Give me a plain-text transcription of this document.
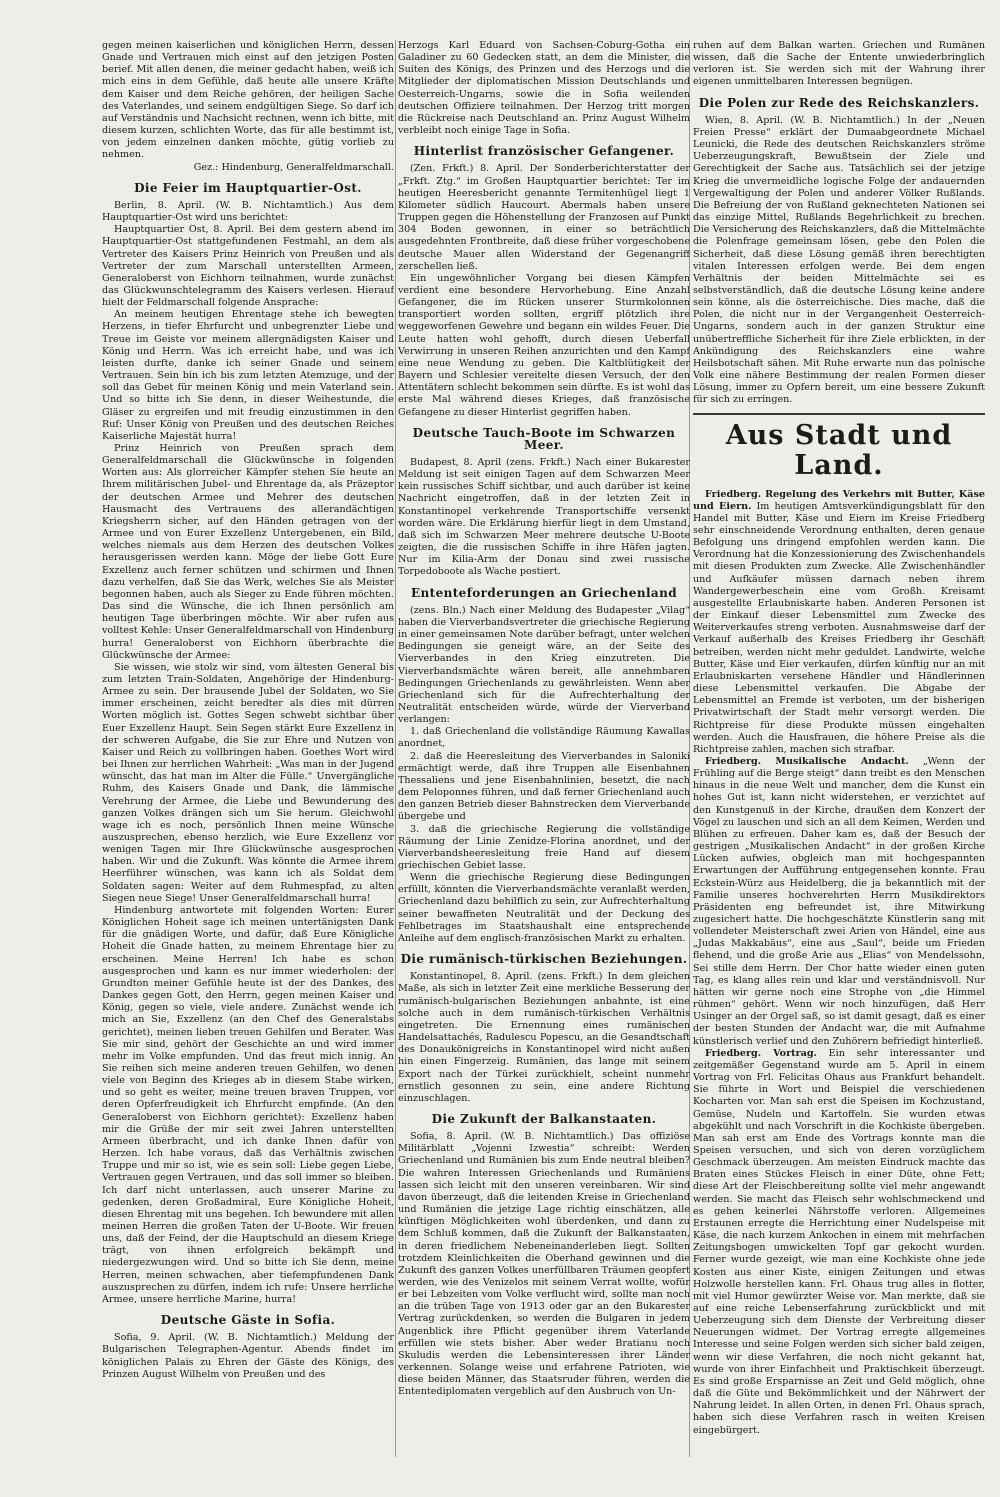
gegen meinen kaiserlichen und königlichen Herrn, dessen Gnade und Vertrauen mich einst auf den jetzigen Posten berief. Mit allen denen, die meiner gedacht haben, weiß ich mich eins in dem Gefühle, daß heute alle unsere Kräfte dem Kaiser und dem Reiche gehören, der heiligen Sache des Vaterlandes, und seinem endgültigen Siege. So darf ich auf Verständnis und Nachsicht rechnen, wenn ich bitte, mit diesem kurzen, schlichten Worte, das für alle bestimmt ist, von jedem einzelnen danken möchte, gütig vorlieb zu nehmen.

Gez.: Hindenburg, Generalfeldmarschall.

Die Feier im Hauptquartier-Ost.

Berlin, 8. April. (W. B. Nichtamtlich.) Aus dem Hauptquartier-Ost wird uns berichtet:

Hauptquartier Ost, 8. April. Bei dem gestern abend im Hauptquartier-Ost stattgefundenen Festmahl, an dem als Vertreter des Kaisers Prinz Heinrich von Preußen und als Vertreter der zum Marschall unterstellten Armeen, Generaloberst von Eichhorn teilnahmen, wurde zunächst das Glückwunschtelegramm des Kaisers verlesen. Hierauf hielt der Feldmarschall folgende Ansprache:

An meinem heutigen Ehrentage stehe ich bewegten Herzens, in tiefer Ehrfurcht und unbegrenzter Liebe und Treue im Geiste vor meinem allergnädigsten Kaiser und König und Herrn. Was ich erreicht habe, und was ich leisten durfte, danke ich seiner Gnade und seinem Vertrauen. Sein bin ich bis zum letzten Atemzuge, und der soll das Gebet für meinen König und mein Vaterland sein. Und so bitte ich Sie denn, in dieser Weihestunde, die Gläser zu ergreifen und mit freudig einzustimmen in den Ruf: Unser König von Preußen und des deutschen Reiches Kaiserliche Majestät hurra!

Prinz Heinrich von Preußen sprach dem Generalfeldmarschall die Glückwünsche in folgenden Worten aus: Als glorreicher Kämpfer stehen Sie heute an Ihrem militärischen Jubel- und Ehrentage da, als Präzeptor der deutschen Armee und Mehrer des deutschen Hausmacht des Vertrauens des allerandächtigen Kriegsherrn sicher, auf den Händen getragen von der Armee und von Eurer Exzellenz Untergebenen, ein Bild, welches niemals aus dem Herzen des deutschen Volkes herausgerissen werden kann. Möge der liebe Gott Eure Exzellenz auch ferner schützen und schirmen und Ihnen dazu verhelfen, daß Sie das Werk, welches Sie als Meister begonnen haben, auch als Sieger zu Ende führen möchten. Das sind die Wünsche, die ich Ihnen persönlich am heutigen Tage überbringen möchte. Wir aber rufen aus volltest Kehle: Unser Generalfeldmarschall von Hindenburg hurra! Generaloberst von Eichhorn überbrachte die Glückwünsche der Armee:

Sie wissen, wie stolz wir sind, vom ältesten General bis zum letzten Train-Soldaten, Angehörige der Hindenburg-Armee zu sein. Der brausende Jubel der Soldaten, wo Sie immer erscheinen, zeicht beredter als dies mit dürren Worten möglich ist. Gottes Segen schwebt sichtbar über Euer Exzellenz Haupt. Sein Segen stärkt Eure Exzellenz in der schweren Aufgabe, die Sie zur Ehre und Nutzen von Kaiser und Reich zu vollbringen haben. Goethes Wort wird bei Ihnen zur herrlichen Wahrheit: „Was man in der Jugend wünscht, das hat man im Alter die Fülle.“ Unvergängliche Ruhm, des Kaisers Gnade und Dank, die lämmische Verehrung der Armee, die Liebe und Bewunderung des ganzen Volkes drängen sich um Sie herum. Gleichwohl wage ich es noch, persönlich Ihnen meine Wünsche auszusprechen, ebenso herzlich, wie Eure Exzellenz vor wenigen Tagen mir Ihre Glückwünsche ausgesprochen haben. Wir und die Zukunft. Was könnte die Armee ihrem Heerführer wünschen, was kann ich als Soldat dem Soldaten sagen: Weiter auf dem Ruhmespfad, zu alten Siegen neue Siege! Unser Generalfeldmarschall hurra!

Hindenburg antwortete mit folgenden Worten: Eurer Königlichen Hoheit sage ich meinen untertänigsten Dank für die gnädigen Worte, und dafür, daß Eure Königliche Hoheit die Gnade hatten, zu meinem Ehrentage hier zu erscheinen. Meine Herren! Ich habe es schon ausgesprochen und kann es nur immer wiederholen: der Grundton meiner Gefühle heute ist der des Dankes, des Dankes gegen Gott, den Herrn, gegen meinen Kaiser und König, gegen so viele, viele andere. Zunächst wende ich mich an Sie, Exzellenz (an den Chef des Generalstabs gerichtet), meinen lieben treuen Gehilfen und Berater. Was Sie mir sind, gehört der Geschichte an und wird immer mehr im Volke empfunden. Und das freut mich innig. An Sie reihen sich meine anderen treuen Gehilfen, wo denen viele von Beginn des Krieges ab in diesem Stabe wirken, und so geht es weiter, meine treuen braven Truppen, vor deren Opferfreudigkeit ich Ehrfurcht empfinde. (An den Generaloberst von Eichhorn gerichtet): Exzellenz haben mir die Grüße der mir seit zwei Jahren unterstellten Armeen überbracht, und ich danke Ihnen dafür von Herzen. Ich habe voraus, daß das Verhältnis zwischen Truppe und mir so ist, wie es sein soll: Liebe gegen Liebe, Vertrauen gegen Vertrauen, und das soll immer so bleiben. Ich darf nicht unterlassen, auch unserer Marine zu gedenken, deren Großadmiral, Eure Königliche Hoheit, diesen Ehrentag mit uns begehen. Ich bewundere mit allen meinen Herren die großen Taten der U-Boote. Wir freuen uns, daß der Feind, der die Hauptschuld an diesem Kriege trägt, von ihnen erfolgreich bekämpft und niedergezwungen wird. Und so bitte ich Sie denn, meine Herren, meinen schwachen, aber tiefempfundenen Dank auszusprechen zu dürfen, indem ich rufe: Unsere herrliche Armee, unsere herrliche Marine, hurra!

Deutsche Gäste in Sofia.

Sofia, 9. April. (W. B. Nichtamtlich.) Meldung der Bulgarischen Telegraphen-Agentur. Abends findet im königlichen Palais zu Ehren der Gäste des Königs, des Prinzen August Wilhelm von Preußen und des

Herzogs Karl Eduard von Sachsen-Coburg-Gotha ein Galadiner zu 60 Gedecken statt, an dem die Minister, die Suiten des Königs, des Prinzen und des Herzogs und die Mitglieder der diplomatischen Mission Deutschlands und Oesterreich-Ungarns, sowie die in Sofia weilenden deutschen Offiziere teilnahmen. Der Herzog tritt morgen die Rückreise nach Deutschland an. Prinz August Wilhelm verbleibt noch einige Tage in Sofia.

Hinterlist französischer Gefangener.

(Zen. Frkft.) 8. April. Der Sonderberichterstatter der „Frkft. Ztg.“ im Großen Hauptquartier berichtet: Ter im heutigen Heeresbericht genannte Termitenhügel liegt 1 Kilometer südlich Haucourt. Abermals haben unsere Truppen gegen die Höhenstellung der Franzosen auf Punkt 304 Boden gewonnen, in einer so beträchtlich ausgedehnten Frontbreite, daß diese früher vorgeschobene deutsche Mauer allen Widerstand der Gegenangriff zerschellen ließ.

Ein ungewöhnlicher Vorgang bei diesen Kämpfen verdient eine besondere Hervorhebung. Eine Anzahl Gefangener, die im Rücken unserer Sturmkolonnen transportiert worden sollten, ergriff plötzlich ihre weggeworfenen Gewehre und begann ein wildes Feuer. Die Leute hatten wohl gehofft, durch diesen Ueberfall Verwirrung in unseren Reihen anzurichten und den Kampf eine neue Wendung zu geben. Die Kaltblütigkeit der Bayern und Schlesier vereitelte diesen Versuch, der den Attentätern schlecht bekommen sein dürfte. Es ist wohl das erste Mal während dieses Krieges, daß französische Gefangene zu dieser Hinterlist gegriffen haben.

Deutsche Tauch-Boote im Schwarzen Meer.

Budapest, 8. April (zens. Frkft.) Nach einer Bukarester Meldung ist seit einigen Tagen auf dem Schwarzen Meer kein russisches Schiff sichtbar, und auch darüber ist keine Nachricht eingetroffen, daß in der letzten Zeit in Konstantinopel verkehrende Transportschiffe versenkt worden wäre. Die Erklärung hierfür liegt in dem Umstand, daß sich im Schwarzen Meer mehrere deutsche U-Boote zeigten, die die russischen Schiffe in ihre Häfen jagten. Nur im Kilia-Arm der Donau sind zwei russische Torpedoboote als Wache postiert.

Ententeforderungen an Griechenland

(zens. Bln.) Nach einer Meldung des Budapester „Vilag“ haben die Vierverbandsvertreter die griechische Regierung in einer gemeinsamen Note darüber befragt, unter welchen Bedingungen sie geneigt wäre, an der Seite des Vierverbandes in den Krieg einzutreten. Die Vierverbandsmächte wären bereit, alle annehmbaren Bedingungen Griechenlands zu gewährleisten. Wenn aber Griechenland sich für die Aufrechterhaltung der Neutralität entscheiden würde, würde der Vierverband verlangen:

1. daß Griechenland die vollständige Räumung Kawallas anordnet,

2. daß die Heeresleitung des Vierverbandes in Saloniki ermächtigt werde, daß ihre Truppen alle Eisenbahnen Thessaliens und jene Eisenbahnlinien, besetzt, die nach dem Peloponnes führen, und daß ferner Griechenland auch den ganzen Betrieb dieser Bahnstrecken dem Vierverbande übergebe und

3. daß die griechische Regierung die vollständige Räumung der Linie Zenidze-Florina anordnet, und der Vierverbandsheeresleitung freie Hand auf diesem griechischen Gebiet lasse.

Wenn die griechische Regierung diese Bedingungen erfüllt, könnten die Vierverbandsmächte veranlaßt werden, Griechenland dazu behilflich zu sein, zur Aufrechterhaltung seiner bewaffneten Neutralität und der Deckung des Fehlbetrages im Staatshaushalt eine entsprechende Anleihe auf dem englisch-französischen Markt zu erhalten.

Die rumänisch-türkischen Beziehungen.

Konstantinopel, 8. April. (zens. Frkft.) In dem gleichen Maße, als sich in letzter Zeit eine merkliche Besserung der rumänisch-bulgarischen Beziehungen anbahnte, ist eine solche auch in dem rumänisch-türkischen Verhältnis eingetreten. Die Ernennung eines rumänischen Handelsattachés, Radulescu Popescu, an die Gesandtschaft des Donaukönigreichs in Konstantinopel wird nicht außen hin einen Fingerzeig. Rumänien, das lange mit seinem Export nach der Türkei zurückhielt, scheint nunmehr ernstlich gesonnen zu sein, eine andere Richtung einzuschlagen.

Die Zukunft der Balkanstaaten.

Sofia, 8. April. (W. B. Nichtamtlich.) Das offiziöse Militärblatt „Vojenni Izwestia“ schreibt: Werden Griechenland und Rumänien bis zum Ende neutral bleiben? Die wahren Interessen Griechenlands und Rumäniens lassen sich leicht mit den unseren vereinbaren. Wir sind davon überzeugt, daß die leitenden Kreise in Griechenland und Rumänien die jetzige Lage richtig einschätzen, alle künftigen Möglichkeiten wohl überdenken, und dann zu dem Schluß kommen, daß die Zukunft der Balkanstaaten, in deren friedlichem Nebeneinanderleben liegt. Sollten trotzdem Kleinlichkeiten die Oberhand gewinnen und die Zukunft des ganzen Volkes unerfüllbaren Träumen geopfert werden, wie des Venizelos mit seinem Verrat wollte, wofür er bei Lebzeiten vom Volke verflucht wird, sollte man noch an die trüben Tage von 1913 oder gar an den Bukarester Vertrag zurückdenken, so werden die Bulgaren in jedem Augenblick ihre Pflicht gegenüber ihrem Vaterlande erfüllen wie stets bisher. Aber weder Bratianu noch Skuludis werden die Lebensinteressen ihrer Länder verkennen. Solange weise und erfahrene Patrioten, wie diese beiden Männer, das Staatsruder führen, werden die Ententediplomaten vergeblich auf den Ausbruch von Un-

ruhen auf dem Balkan warten. Griechen und Rumänen wissen, daß die Sache der Entente unwiederbringlich verloren ist. Sie werden sich mit der Wahrung ihrer eigenen unmittelbaren Interessen begnügen.

Die Polen zur Rede des Reichskanzlers.

Wien, 8. April. (W. B. Nichtamtlich.) In der „Neuen Freien Presse“ erklärt der Dumaabgeordnete Michael Leunicki, die Rede des deutschen Reichskanzlers ströme Ueberzeugungskraft, Bewußtsein der Ziele und Gerechtigkeit der Sache aus. Tatsächlich sei der jetzige Krieg die unvermeidliche logische Folge der andauernden Vergewaltigung der Polen und anderer Völker Rußlands. Die Befreiung der von Rußland geknechteten Nationen sei das einzige Mittel, Rußlands Begehrlichkeit zu brechen. Die Versicherung des Reichskanzlers, daß die Mittelmächte die Polenfrage gemeinsam lösen, gebe den Polen die Sicherheit, daß diese Lösung gemäß ihren berechtigten vitalen Interessen erfolgen werde. Bei dem engen Verhältnis der beiden Mittelmächte sei es selbstverständlich, daß die deutsche Lösung keine andere sein könne, als die österreichische. Dies mache, daß die Polen, die nicht nur in der Vergangenheit Oesterreich-Ungarns, sondern auch in der ganzen Struktur eine unübertreffliche Sicherheit für ihre Ziele erblickten, in der Ankündigung des Reichskanzlers eine wahre Heilsbotschaft sähen. Mit Ruhe erwarte nun das polnische Volk eine nähere Bestimmung der realen Formen dieser Lösung, immer zu Opfern bereit, um eine bessere Zukunft für sich zu erringen.

Aus Stadt und Land.

Friedberg. Regelung des Verkehrs mit Butter, Käse und Eiern. Im heutigen Amtsverkündigungsblatt für den Handel mit Butter, Käse und Eiern im Kreise Friedberg sehr einschneidende Verordnung enthalten, deren genaue Befolgung uns dringend empfohlen werden kann. Die Verordnung hat die Konzessionierung des Zwischenhandels mit diesen Produkten zum Zwecke. Alle Zwischenhändler und Aufkäufer müssen darnach neben ihrem Wandergewerbeschein eine vom Großh. Kreisamt ausgestellte Erlaubniskarte haben. Anderen Personen ist der Einkauf dieser Lebensmittel zum Zwecke des Weiterverkaufes streng verboten. Ausnahmsweise darf der Verkauf außerhalb des Kreises Friedberg ihr Geschäft betreiben, werden nicht mehr geduldet. Landwirte, welche Butter, Käse und Eier verkaufen, dürfen künftig nur an mit Erlaubniskarten versehene Händler und Händlerinnen diese Lebensmittel verkaufen. Die Abgabe der Lebensmittel an Fremde ist verboten, um der bisherigen Privatwirtschaft der Stadt mehr versorgt werden. Die Richtpreise für diese Produkte müssen eingehalten werden. Auch die Hausfrauen, die höhere Preise als die Richtpreise zahlen, machen sich strafbar.

Friedberg. Musikalische Andacht. „Wenn der Frühling auf die Berge steigt“ dann treibt es den Menschen hinaus in die neue Welt und mancher, dem die Kunst ein hohes Gut ist, kann nicht widerstehen, er verzichtet auf den Kunstgenuß in der Kirche, draußen dem Konzert der Vögel zu lauschen und sich an all dem Keimen, Werden und Blühen zu erfreuen. Daher kam es, daß der Besuch der gestrigen „Musikalischen Andacht“ in der großen Kirche Lücken aufwies, obgleich man mit hochgespannten Erwartungen der Aufführung entgegensehen konnte. Frau Eckstein-Würz aus Heidelberg, die ja bekanntlich mit der Familie unseres hochverehrten Herrn Musikdirektors Präsidenten eng befreundet ist, ihre Mitwirkung zugesichert hatte. Die hochgeschätzte Künstlerin sang mit vollendeter Meisterschaft zwei Arien von Händel, eine aus „Judas Makkabäus“, eine aus „Saul“, beide um Frieden flehend, und die große Arie aus „Elias“ von Mendelssohn, Sei stille dem Herrn. Der Chor hatte wieder einen guten Tag, es klang alles rein und klar und verständnisvoll. Nur hätten wir gerne noch eine Strophe von „die Himmel rühmen“ gehört. Wenn wir noch hinzufügen, daß Herr Usinger an der Orgel saß, so ist damit gesagt, daß es einer der besten Stunden der Andacht war, die mit Aufnahme künstlerisch verlief und den Zuhörern befriedigt hinterließ.

Friedberg. Vortrag. Ein sehr interessanter und zeitgemäßer Gegenstand wurde am 5. April in einem Vortrag von Frl. Felicitas Ohaus aus Frankfurt behandelt. Sie führte in Wort und Beispiel die verschiedenen Kocharten vor. Man sah erst die Speisen im Kochzustand, Gemüse, Nudeln und Kartoffeln. Sie wurden etwas abgekühlt und nach Vorschrift in die Kochkiste übergeben. Man sah erst am Ende des Vortrags konnte man die Speisen versuchen, und sich von deren vorzüglichem Geschmack überzeugen. Am meisten Eindruck machte das Braten eines Stückes Fleisch in einer Düte, ohne Fett; diese Art der Fleischbereitung sollte viel mehr angewandt werden. Sie macht das Fleisch sehr wohlschmeckend und es gehen keinerlei Nährstoffe verloren. Allgemeines Erstaunen erregte die Herrichtung einer Nudelspeise mit Käse, die nach kurzem Ankochen in einem mit mehrfachen Zeitungsbogen umwickelten Topf gar gekocht wurden. Ferner wurde gezeigt, wie man eine Kochkiste ohne jede Kosten aus einer Kiste, einigen Zeitungen und etwas Holzwolle herstellen kann. Frl. Ohaus trug alles in flotter, mit viel Humor gewürzter Weise vor. Man merkte, daß sie auf eine reiche Lebenserfahrung zurückblickt und mit Ueberzeugung sich dem Dienste der Verbreitung dieser Neuerungen widmet. Der Vortrag erregte allgemeines Interesse und seine Folgen werden sich sicher bald zeigen, wenn wir diese Verfahren, die noch nicht gekannt hat, wurde von ihrer Einfachheit und Praktischkeit überzeugt. Es sind große Ersparnisse an Zeit und Geld möglich, ohne daß die Güte und Bekömmlichkeit und der Nährwert der Nahrung leidet. In allen Orten, in denen Frl. Ohaus sprach, haben sich diese Verfahren rasch in weiten Kreisen eingebürgert.
